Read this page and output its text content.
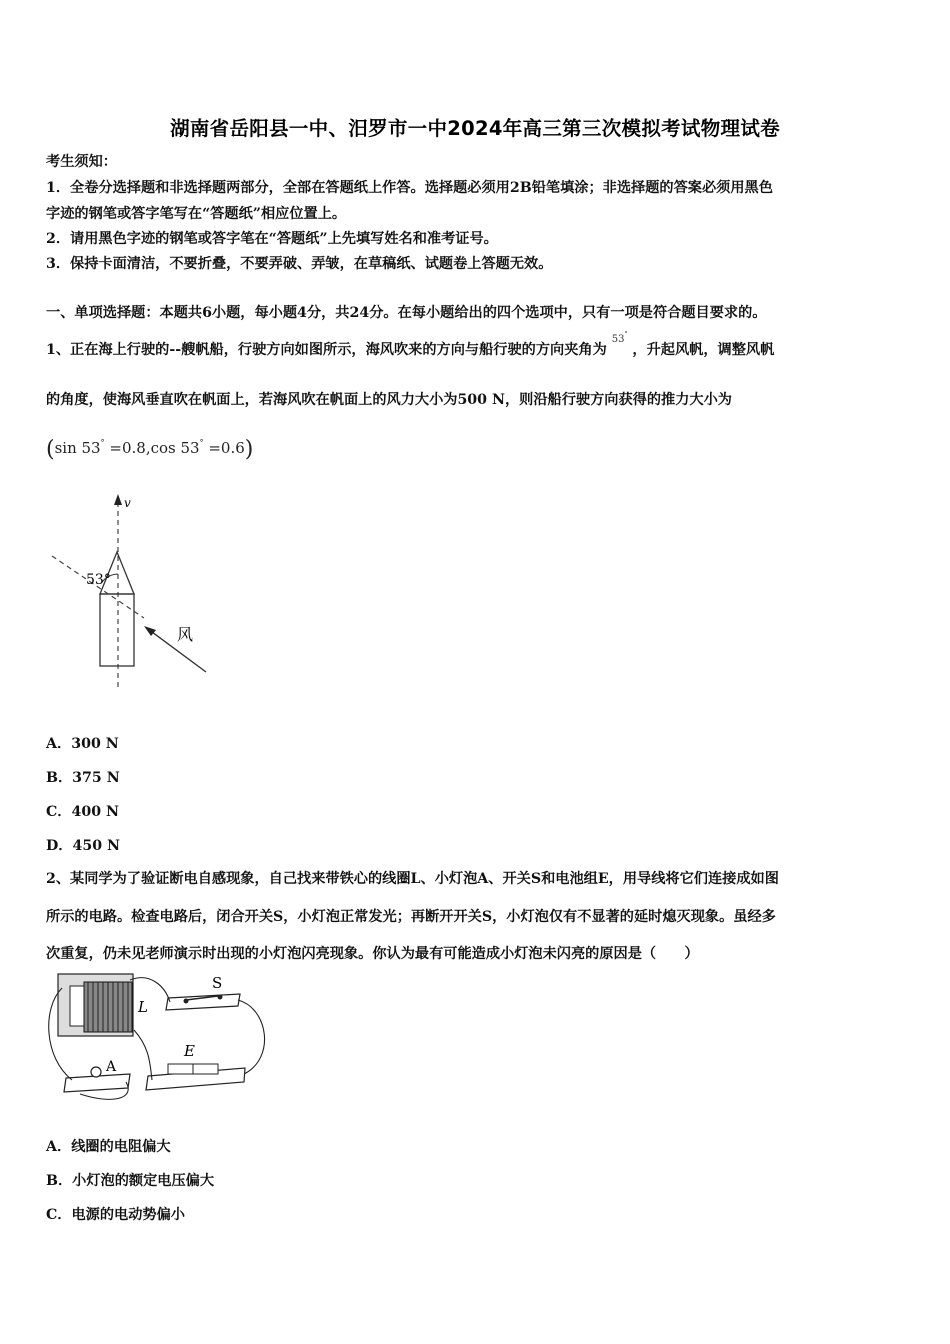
湖南省岳阳县一中、汨罗市一中2024年高三第三次模拟考试物理试卷
考生须知：
1．全卷分选择题和非选择题两部分，全部在答题纸上作答。选择题必须用2B铅笔填涂；非选择题的答案必须用黑色
字迹的钢笔或答字笔写在“答题纸”相应位置上。
2．请用黑色字迹的钢笔或答字笔在“答题纸”上先填写姓名和准考证号。
3．保持卡面清洁，不要折叠，不要弄破、弄皱，在草稿纸、试题卷上答题无效。
一、单项选择题：本题共6小题，每小题4分，共24分。在每小题给出的四个选项中，只有一项是符合题目要求的。
1、正在海上行驶的--艘帆船，行驶方向如图所示，海风吹来的方向与船行驶的方向夹角为 $^{53^\circ}$ ，升起风帆，调整风帆
的角度，使海风垂直吹在帆面上，若海风吹在帆面上的风力大小为500 N，则沿船行驶方向获得的推力大小为
(sin 53° =0.8,cos 53° =0.6)
v
53°
风
A．300 N
B．375 N
C．400 N
D．450 N
2、某同学为了验证断电自感现象，自己找来带铁心的线圈L、小灯泡A、开关S和电池组E，用导线将它们连接成如图
所示的电路。检查电路后，闭合开关S，小灯泡正常发光；再断开开关S，小灯泡仅有不显著的延时熄灭现象。虽经多
次重复，仍未见老师演示时出现的小灯泡闪亮现象。你认为最有可能造成小灯泡未闪亮的原因是（　　）
L
S
E
A
A．线圈的电阻偏大
B．小灯泡的额定电压偏大
C．电源的电动势偏小
